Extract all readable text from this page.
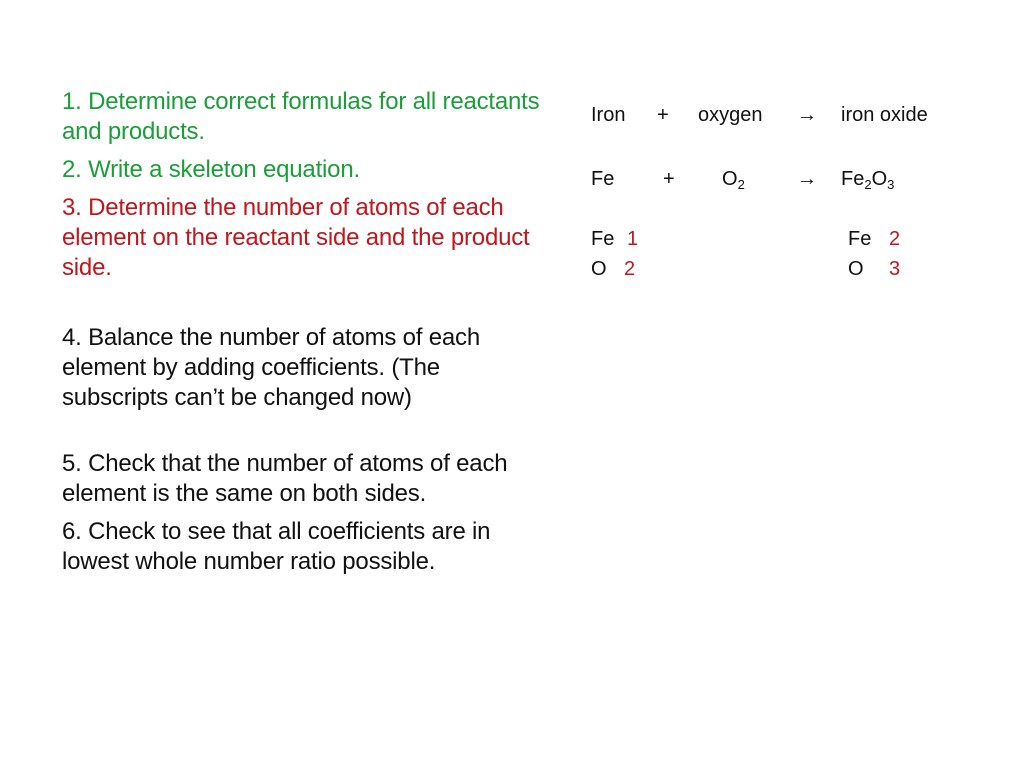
1. Determine correct formulas for all reactants and products.

2. Write a skeleton equation.

3. Determine the number of atoms of each element on the reactant side and the product side.

4. Balance the number of atoms of each element by adding coefficients. (The subscripts can’t be changed now)

5. Check that the number of atoms of each element is the same on both sides.

6. Check to see that all coefficients are in lowest whole number ratio possible.

Iron + oxygen → iron oxide
$Fe + O_2$	→ $Fe_2O_3$
Fe 1	Fe 2
O 2	O 3
